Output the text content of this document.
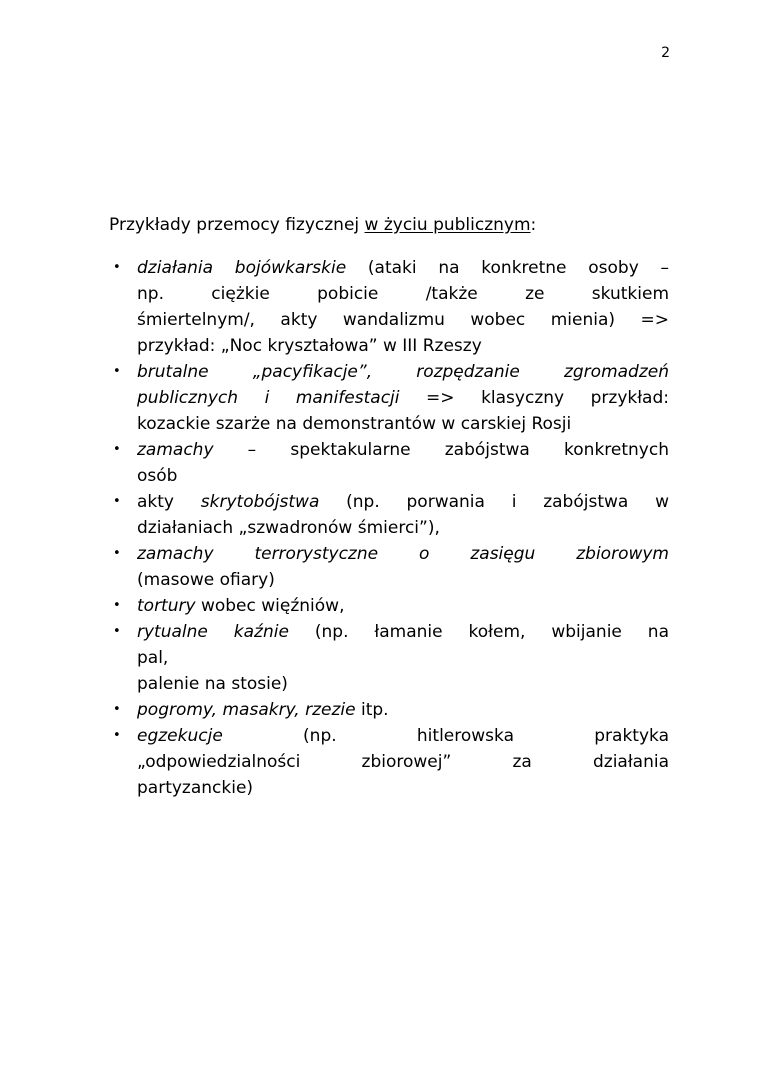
2
Przykłady przemocy fizycznej w życiu publicznym:
• działania bojówkarskie (ataki na konkretne osoby –
np. ciężkie pobicie /także ze skutkiem
śmiertelnym/, akty wandalizmu wobec mienia) =>
przykład: „Noc kryształowa” w III Rzeszy
• brutalne „pacyfikacje”, rozpędzanie zgromadzeń
publicznych i manifestacji => klasyczny przykład:
kozackie szarże na demonstrantów w carskiej Rosji
• zamachy – spektakularne zabójstwa konkretnych
osób
• akty skrytobójstwa (np. porwania i zabójstwa w
działaniach „szwadronów śmierci”),
• zamachy terrorystyczne o zasięgu zbiorowym
(masowe ofiary)
• tortury wobec więźniów,
• rytualne kaźnie (np. łamanie kołem, wbijanie na
pal,
palenie na stosie)
• pogromy, masakry, rzezie itp.
• egzekucje (np. hitlerowska praktyka
„odpowiedzialności zbiorowej” za działania
partyzanckie)
